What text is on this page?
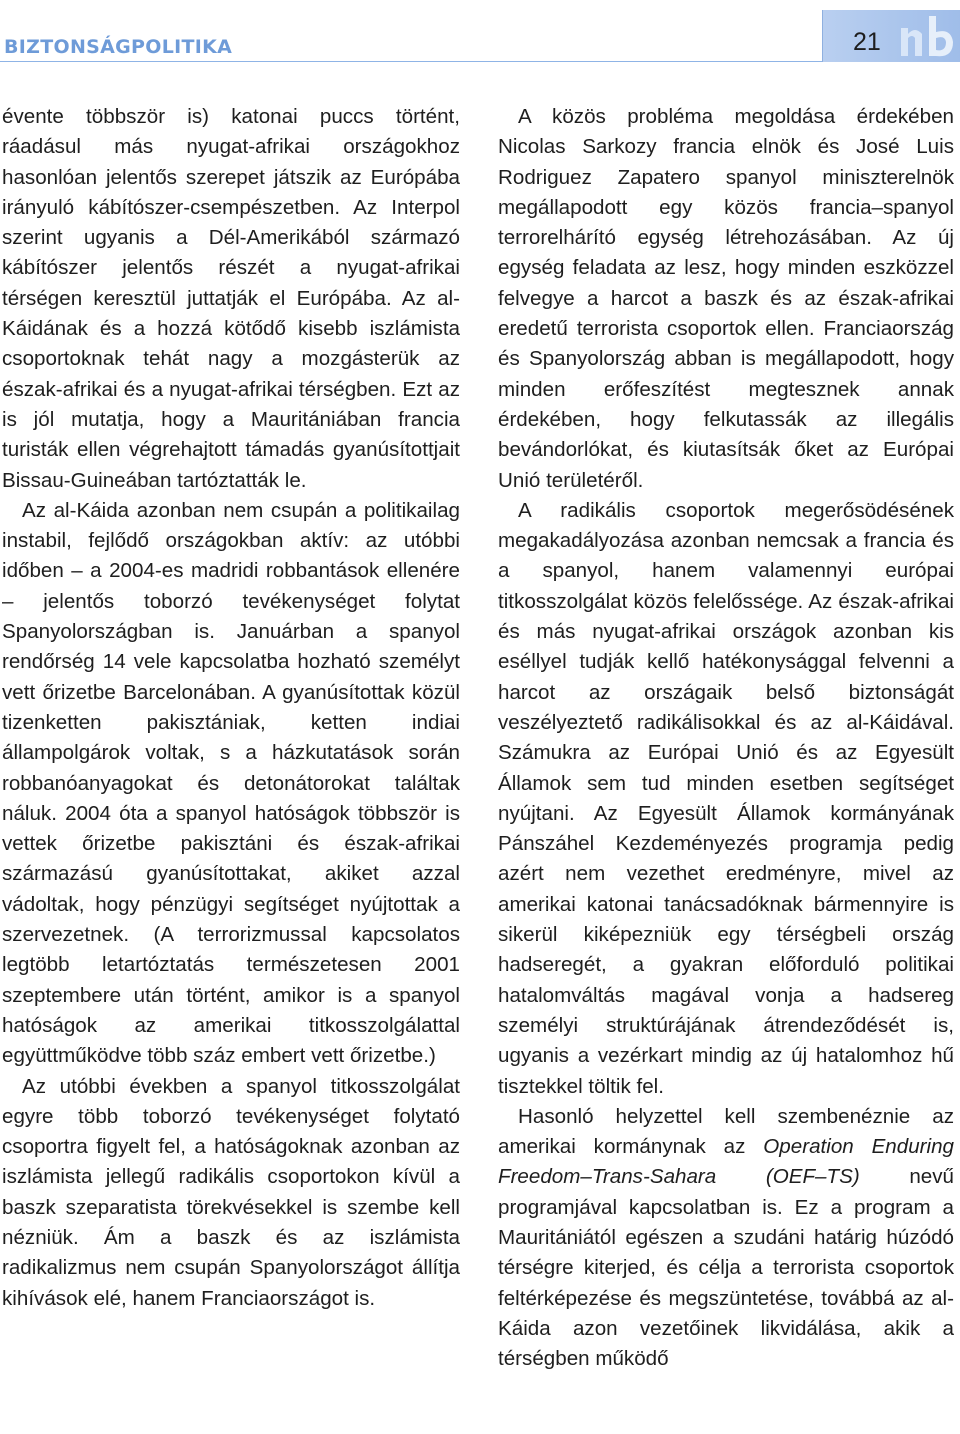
BIZTONSÁGPOLITIKA	21

évente többször is) katonai puccs történt, ráadásul más nyugat-afrikai országokhoz hasonlóan jelentős szerepet játszik az Európába irányuló kábítószer-csempészetben. Az Interpol szerint ugyanis a Dél-Amerikából származó kábítószer jelentős részét a nyugat-afrikai térségen keresztül juttatják el Európába. Az al-Káidának és a hozzá kötődő kisebb iszlámista csoportoknak tehát nagy a mozgásterük az észak-afrikai és a nyugat-afrikai térségben. Ezt az is jól mutatja, hogy a Mauritániában francia turisták ellen végrehajtott támadás gyanúsítottjait Bissau-Guineában tartóztatták le.

Az al-Káida azonban nem csupán a politikailag instabil, fejlődő országokban aktív: az utóbbi időben – a 2004-es madridi robbantások ellenére – jelentős toborzó tevékenységet folytat Spanyolországban is. Januárban a spanyol rendőrség 14 vele kapcsolatba hozható személyt vett őrizetbe Barcelonában. A gyanúsítottak közül tizenketten pakisztániak, ketten indiai állampolgárok voltak, s a házkutatások során robbanóanyagokat és detonátorokat találtak náluk. 2004 óta a spanyol hatóságok többször is vettek őrizetbe pakisztáni és észak-afrikai származású gyanúsítottakat, akiket azzal vádoltak, hogy pénzügyi segítséget nyújtottak a szervezetnek. (A terrorizmussal kapcsolatos legtöbb letartóztatás természetesen 2001 szeptembere után történt, amikor is a spanyol hatóságok az amerikai titkosszolgálattal együttműködve több száz embert vett őrizetbe.)

Az utóbbi években a spanyol titkosszolgálat egyre több toborzó tevékenységet folytató csoportra figyelt fel, a hatóságoknak azonban az iszlámista jellegű radikális csoportokon kívül a baszk szeparatista törekvésekkel is szembe kell nézniük. Ám a baszk és az iszlámista radikalizmus nem csupán Spanyolországot állítja kihívások elé, hanem Franciaországot is.

A közös probléma megoldása érdekében Nicolas Sarkozy francia elnök és José Luis Rodriguez Zapatero spanyol miniszterelnök megállapodott egy közös francia–spanyol terrorelhárító egység létrehozásában. Az új egység feladata az lesz, hogy minden eszközzel felvegye a harcot a baszk és az észak-afrikai eredetű terrorista csoportok ellen. Franciaország és Spanyolország abban is megállapodott, hogy minden erőfeszítést megtesznek annak érdekében, hogy felkutassák az illegális bevándorlókat, és kiutasítsák őket az Európai Unió területéről.

A radikális csoportok megerősödésének megakadályozása azonban nemcsak a francia és a spanyol, hanem valamennyi európai titkosszolgálat közös felelőssége. Az észak-afrikai és más nyugat-afrikai országok azonban kis eséllyel tudják kellő hatékonysággal felvenni a harcot az országaik belső biztonságát veszélyeztető radikálisokkal és az al-Káidával. Számukra az Európai Unió és az Egyesült Államok sem tud minden esetben segítséget nyújtani. Az Egyesült Államok kormányának Pánszáhel Kezdeményezés programja pedig azért nem vezethet eredményre, mivel az amerikai katonai tanácsadóknak bármennyire is sikerül kiképezniük egy térségbeli ország hadseregét, a gyakran előforduló politikai hatalomváltás magával vonja a hadsereg személyi struktúrájának átrendeződését is, ugyanis a vezérkart mindig az új hatalomhoz hű tisztekkel töltik fel.

Hasonló helyzettel kell szembenéznie az amerikai kormánynak az Operation Enduring Freedom–Trans-Sahara (OEF–TS) nevű programjával kapcsolatban is. Ez a program a Mauritániától egészen a szudáni határig húzódó térségre kiterjed, és célja a terrorista csoportok feltérképezése és megszüntetése, továbbá az al-Káida azon vezetőinek likvidálása, akik a térségben működő
